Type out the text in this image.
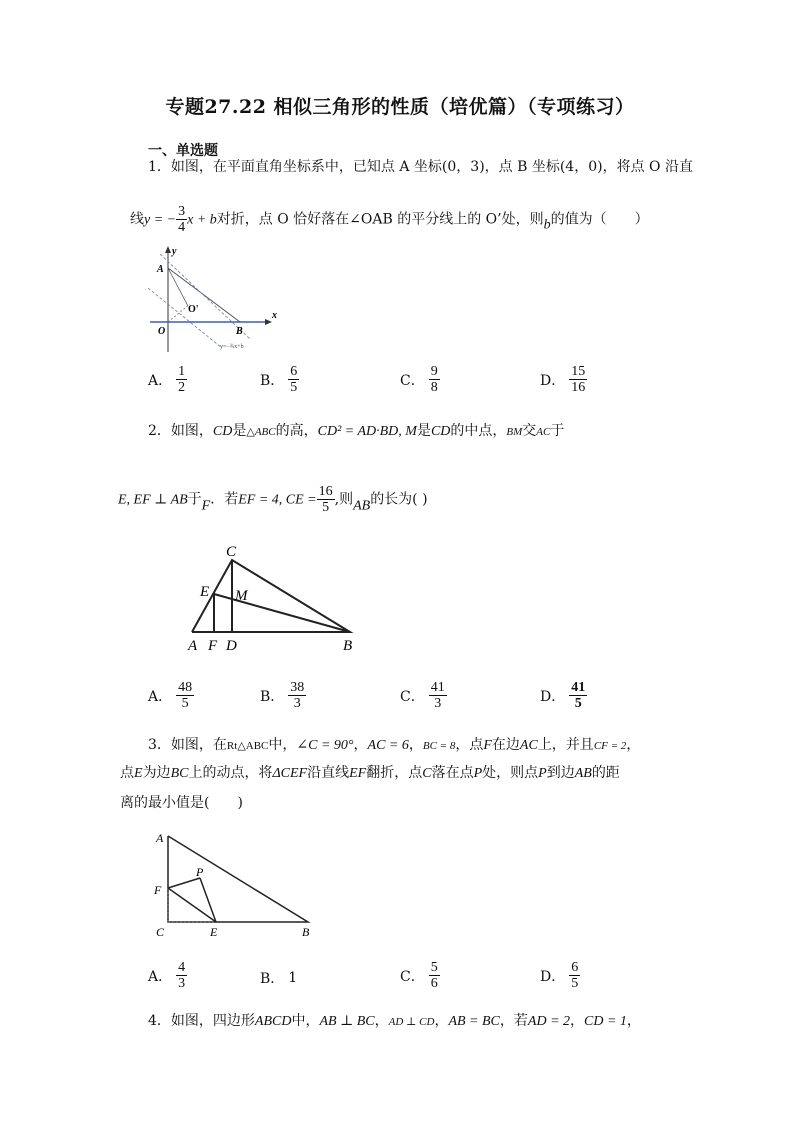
专题27.22 相似三角形的性质（培优篇）（专项练习）
一、单选题
1．如图，在平面直角坐标系中，已知点 A 坐标(0，3)，点 B 坐标(4，0)，将点 O 沿直
线y = − $\frac{3}{4}$ x + b对折，点 O 恰好落在∠OAB 的平分线上的 O’处，则b的值为（　　）
A
y
O	B
x
O'
y=−¾x+b
A． $\frac{1}{2}$	B． $\frac{6}{5}$	C． $\frac{9}{8}$	D． $\frac{15}{16}$
2．如图，CD是△ABC的高，CD² = AD·BD, M是CD的中点，BM交AC于
E, EF ⊥ AB于F．若EF = 4, CE = $\frac{16}{5}$ ,则AB的长为( )
C
E M
A F D	B
A． $\frac{48}{5}$	B． $\frac{38}{3}$	C． $\frac{41}{3}$	D． $\frac{41}{5}$
3．如图，在Rt△ABC中，∠C = 90°，AC = 6，BC = 8，点F在边AC上，并且CF = 2，
点E为边BC上的动点，将ΔCEF沿直线EF翻折，点C落在点P处，则点P到边AB的距
离的最小值是(　　)
A
F
P
C	E	B
A． $\frac{4}{3}$	B． 1	C． $\frac{5}{6}$	D． $\frac{6}{5}$
4．如图，四边形ABCD中，AB ⊥ BC，AD ⊥ CD，AB = BC，若AD = 2，CD = 1，
